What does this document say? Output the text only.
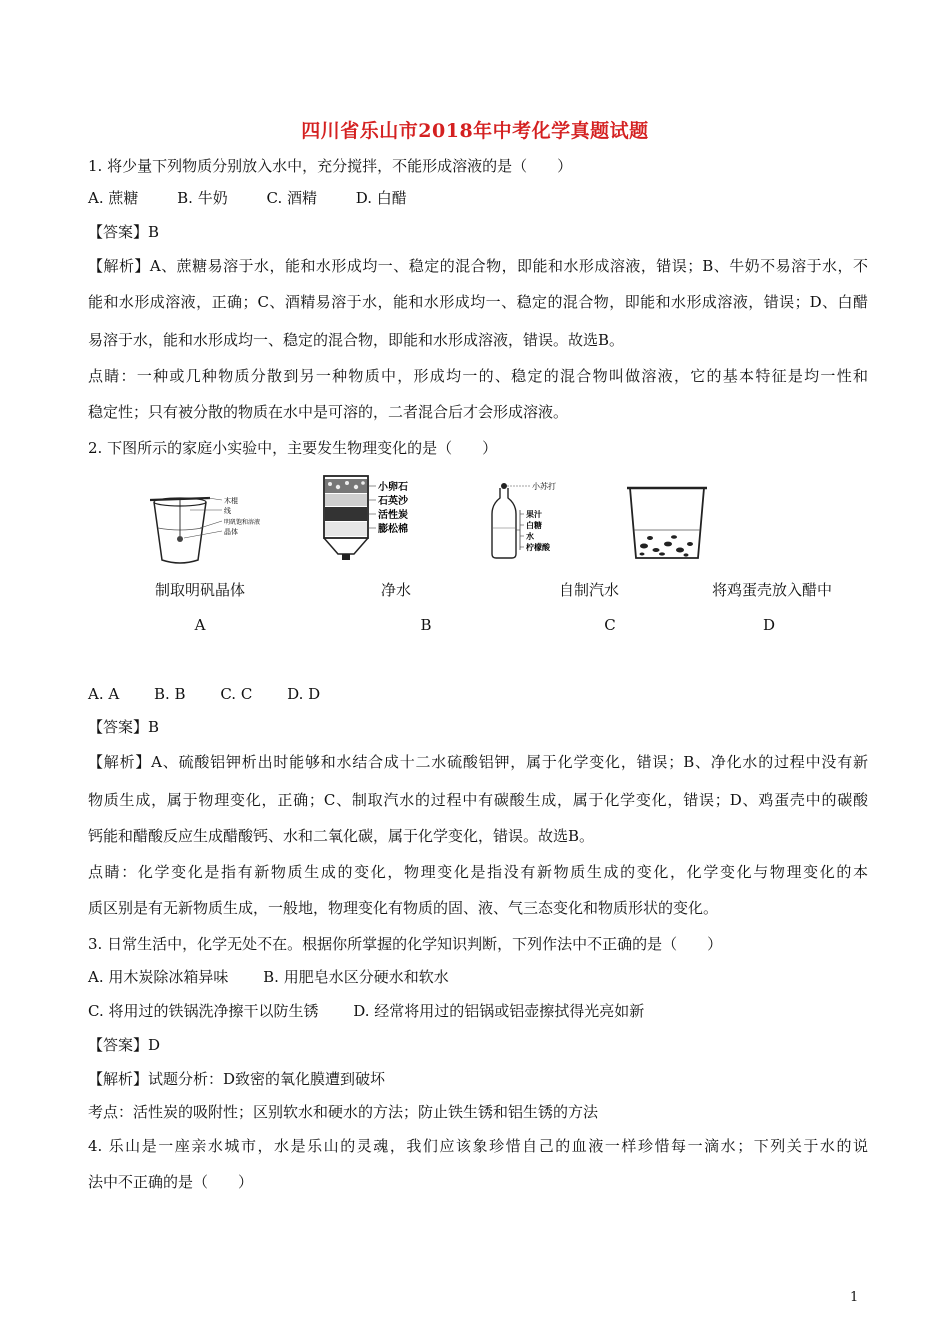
四川省乐山市2018年中考化学真题试题
1. 将少量下列物质分别放入水中，充分搅拌，不能形成溶液的是（　　）
A. 蔗糖	B. 牛奶	C. 酒精	D. 白醋
【答案】B
【解析】A、蔗糖易溶于水，能和水形成均一、稳定的混合物，即能和水形成溶液，错误；B、牛奶不易溶于水，不
能和水形成溶液，正确；C、酒精易溶于水，能和水形成均一、稳定的混合物，即能和水形成溶液，错误；D、白醋
易溶于水，能和水形成均一、稳定的混合物，即能和水形成溶液，错误。故选B。
点睛：一种或几种物质分散到另一种物质中，形成均一的、稳定的混合物叫做溶液，它的基本特征是均一性和
稳定性；只有被分散的物质在水中是可溶的，二者混合后才会形成溶液。
2. 下图所示的家庭小实验中，主要发生物理变化的是（　　）
木棍
线
明矾饱和溶液
晶体
小卵石
石英沙
活性炭
膨松棉
小苏打
果汁
白糖
水
柠檬酸
制取明矾晶体	净水	自制汽水	将鸡蛋壳放入醋中
A	B	C	D
A. A B. B C. C D. D
【答案】B
【解析】A、硫酸铝钾析出时能够和水结合成十二水硫酸铝钾，属于化学变化，错误；B、净化水的过程中没有新
物质生成，属于物理变化，正确；C、制取汽水的过程中有碳酸生成，属于化学变化，错误；D、鸡蛋壳中的碳酸
钙能和醋酸反应生成醋酸钙、水和二氧化碳，属于化学变化，错误。故选B。
点睛：化学变化是指有新物质生成的变化，物理变化是指没有新物质生成的变化，化学变化与物理变化的本
质区别是有无新物质生成，一般地，物理变化有物质的固、液、气三态变化和物质形状的变化。
3. 日常生活中，化学无处不在。根据你所掌握的化学知识判断，下列作法中不正确的是（　　）
A. 用木炭除冰箱异味 B. 用肥皂水区分硬水和软水
C. 将用过的铁锅洗净擦干以防生锈 D. 经常将用过的铝锅或铝壶擦拭得光亮如新
【答案】D
【解析】试题分析：D致密的氧化膜遭到破坏
考点：活性炭的吸附性；区别软水和硬水的方法；防止铁生锈和铝生锈的方法
4. 乐山是一座亲水城市，水是乐山的灵魂，我们应该象珍惜自己的血液一样珍惜每一滴水；下列关于水的说
法中不正确的是（　　）
1
